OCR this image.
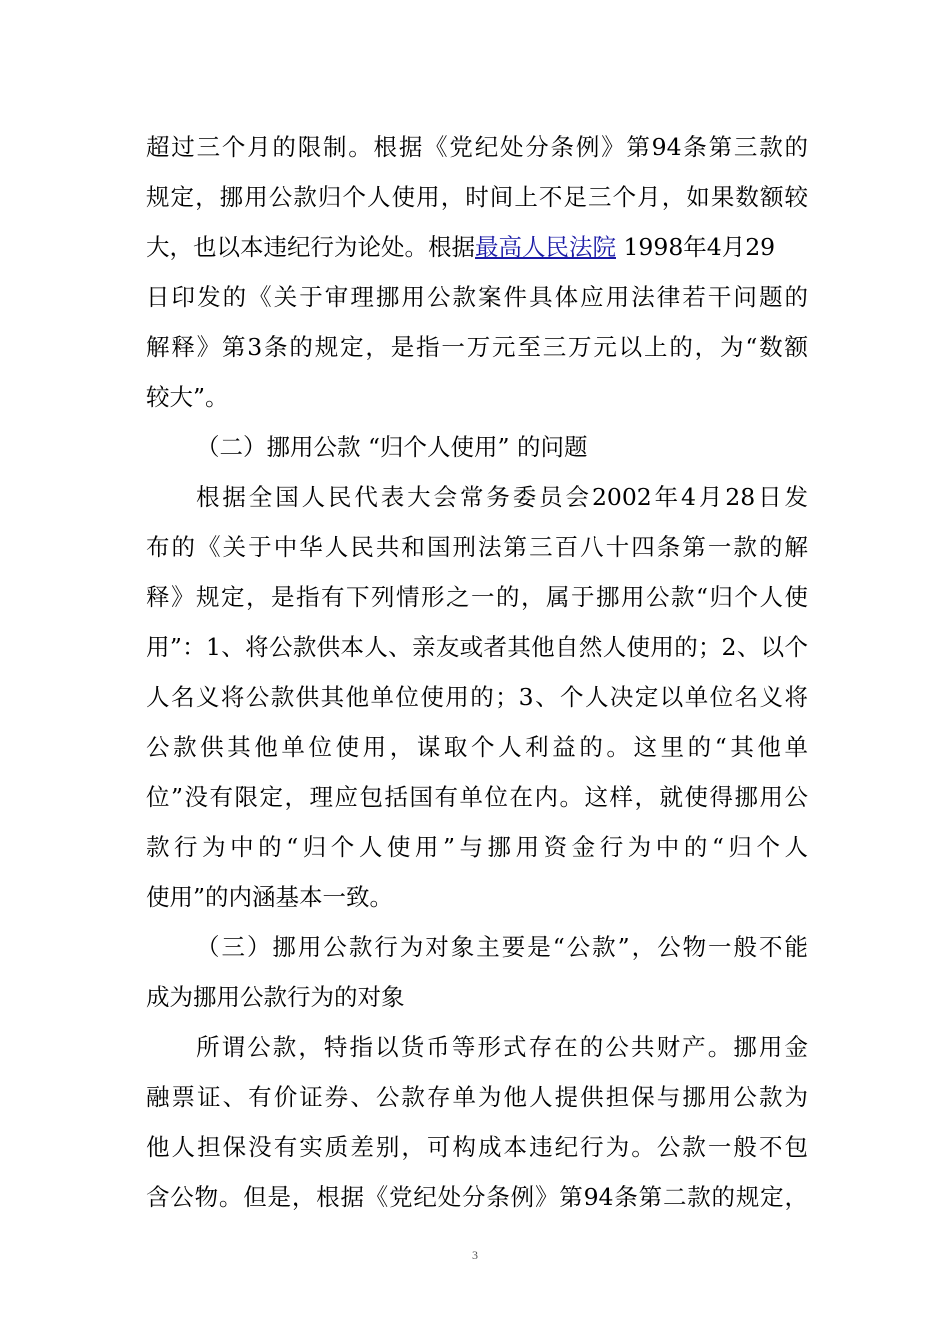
超过三个月的限制。根据《党纪处分条例》第94条第三款的
规定，挪用公款归个人使用，时间上不足三个月，如果数额较
大，也以本违纪行为论处。根据最高人民法院 1998年4月29
日印发的《关于审理挪用公款案件具体应用法律若干问题的
解释》第3条的规定，是指一万元至三万元以上的，为“数额
较大”。
（二）挪用公款 “归个人使用” 的问题
根据全国人民代表大会常务委员会2002年4月28日发
布的《关于中华人民共和国刑法第三百八十四条第一款的解
释》规定，是指有下列情形之一的，属于挪用公款“归个人使
用”：1、将公款供本人、亲友或者其他自然人使用的；2、以个
人名义将公款供其他单位使用的；3、个人决定以单位名义将
公款供其他单位使用，谋取个人利益的。这里的“其他单
位”没有限定，理应包括国有单位在内。这样，就使得挪用公
款行为中的“归个人使用”与挪用资金行为中的“归个人
使用”的内涵基本一致。
（三）挪用公款行为对象主要是“公款”，公物一般不能
成为挪用公款行为的对象
所谓公款，特指以货币等形式存在的公共财产。挪用金
融票证、有价证券、公款存单为他人提供担保与挪用公款为
他人担保没有实质差别，可构成本违纪行为。公款一般不包
含公物。但是，根据《党纪处分条例》第94条第二款的规定，
3
